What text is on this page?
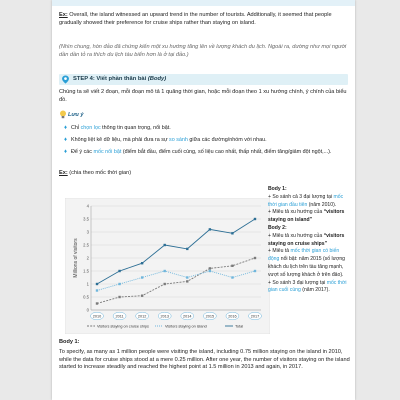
Ex: Overall, the island witnessed an upward trend in the number of tourists. Additionally, it seemed that people gradually showed their preference for cruise ships rather than staying on island.
(Nhìn chung, hòn đảo đã chứng kiến một xu hướng tăng lên về lượng khách du lịch. Ngoài ra, dường như mọi người dần dần tỏ ra thích du lịch tàu biển hơn là ở tại đảo.)
STEP 4: Viết phần thân bài (Body)
Chúng ta sẽ viết 2 đoạn, mỗi đoạn mô tả 1 quãng thời gian, hoặc mỗi đoạn theo 1 xu hướng chính, ý chính của biểu đồ.
Lưu ý
♦ Chỉ chọn lọc thông tin quan trọng, nổi bật.
♦ Không liệt kê dữ liệu, mà phải đưa ra sự so sánh giữa các đường/nhóm với nhau.
♦ Để ý các mốc nổi bật (điểm bắt đầu, điểm cuối cùng, số liệu cao nhất, thấp nhất, điểm tăng/giảm đột ngột,...).
Ex: (chia theo mốc thời gian)
0
0.5
1
1.5
2
2.5
3
3.5
4
2010	2011	2012	2013	2014	2015	2016	2017
Millions of visitors
Visitors staying on cruise ships	Visitors staying on island	Total
Body 1:
+ So sánh cả 3 đại lượng tại mốc thời gian đầu tiên (năm 2010).
+ Miêu tả xu hướng của “visitors staying on island”
Body 2:
+ Miêu tả xu hướng của “visitors staying on cruise ships”
+ Miêu tả mốc thời gian có biến động nổi bật: năm 2015 (số lượng khách du lịch trên tàu tăng mạnh, vượt số lượng khách ở trên đảo).
+ So sánh 3 đại lượng tại mốc thời gian cuối cùng (năm 2017).
Body 1:
To specify, as many as 1 million people were visiting the island, including 0.75 million staying on the island in 2010, while the data for cruise ships stood at a mere 0.25 million. After one year, the number of visitors staying on the island started to increase steadily and reached the highest point at 1.5 million in 2013 and again, in 2017.
